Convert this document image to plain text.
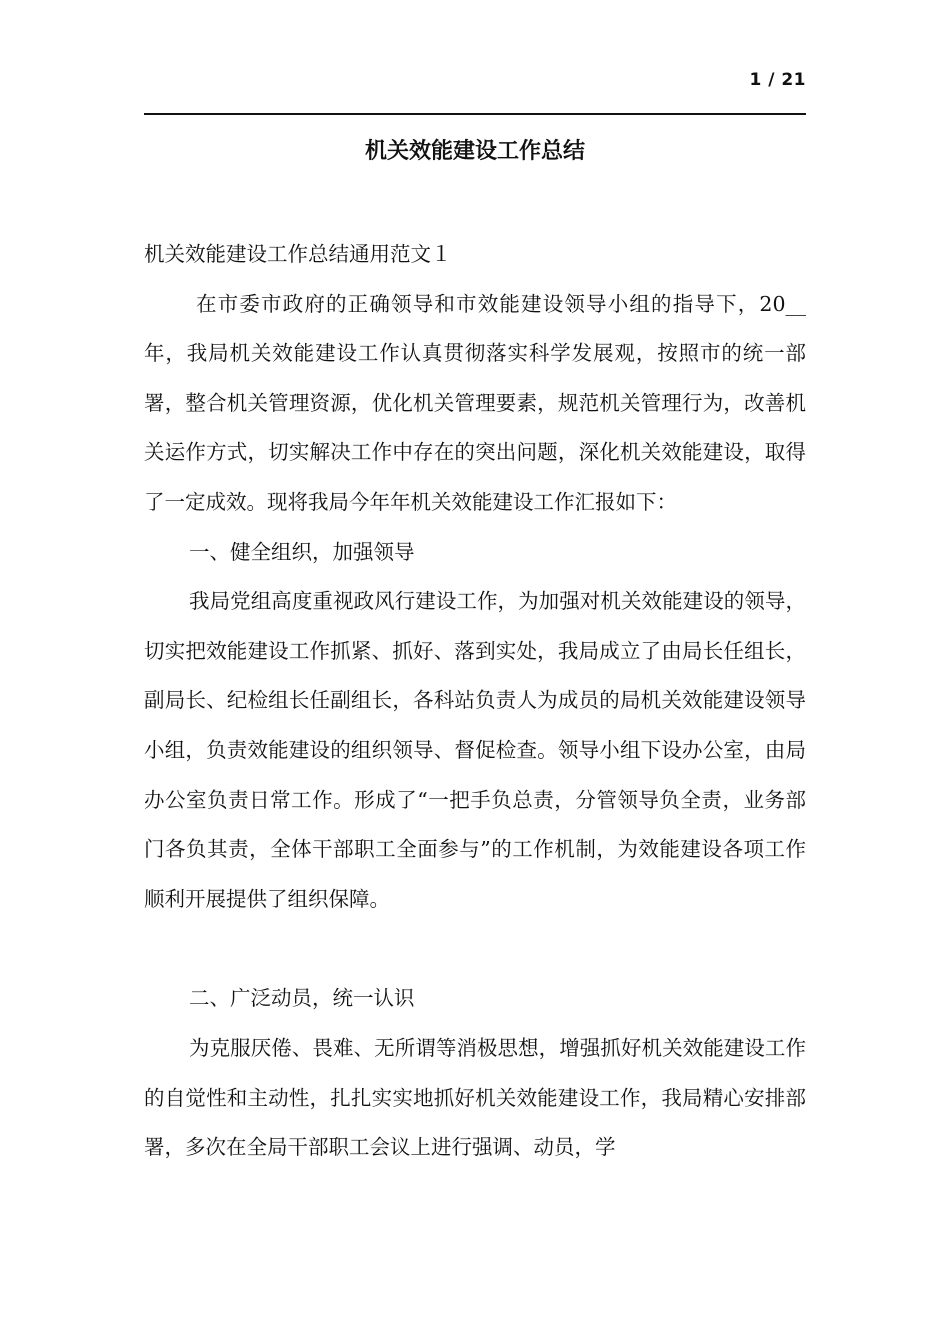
1 / 21
机关效能建设工作总结

机关效能建设工作总结通用范文１

在市委市政府的正确领导和市效能建设领导小组的指导下，20__年，我局机关效能建设工作认真贯彻落实科学发展观，按照市的统一部署，整合机关管理资源，优化机关管理要素，规范机关管理行为，改善机关运作方式，切实解决工作中存在的突出问题，深化机关效能建设，取得了一定成效。现将我局今年年机关效能建设工作汇报如下：

一、健全组织，加强领导

我局党组高度重视政风行建设工作，为加强对机关效能建设的领导，切实把效能建设工作抓紧、抓好、落到实处，我局成立了由局长任组长，副局长、纪检组长任副组长，各科站负责人为成员的局机关效能建设领导小组，负责效能建设的组织领导、督促检查。领导小组下设办公室，由局办公室负责日常工作。形成了“一把手负总责，分管领导负全责，业务部门各负其责，全体干部职工全面参与”的工作机制，为效能建设各项工作顺利开展提供了组织保障。

二、广泛动员，统一认识

为克服厌倦、畏难、无所谓等消极思想，增强抓好机关效能建设工作的自觉性和主动性，扎扎实实地抓好机关效能建设工作，我局精心安排部署，多次在全局干部职工会议上进行强调、动员，学
